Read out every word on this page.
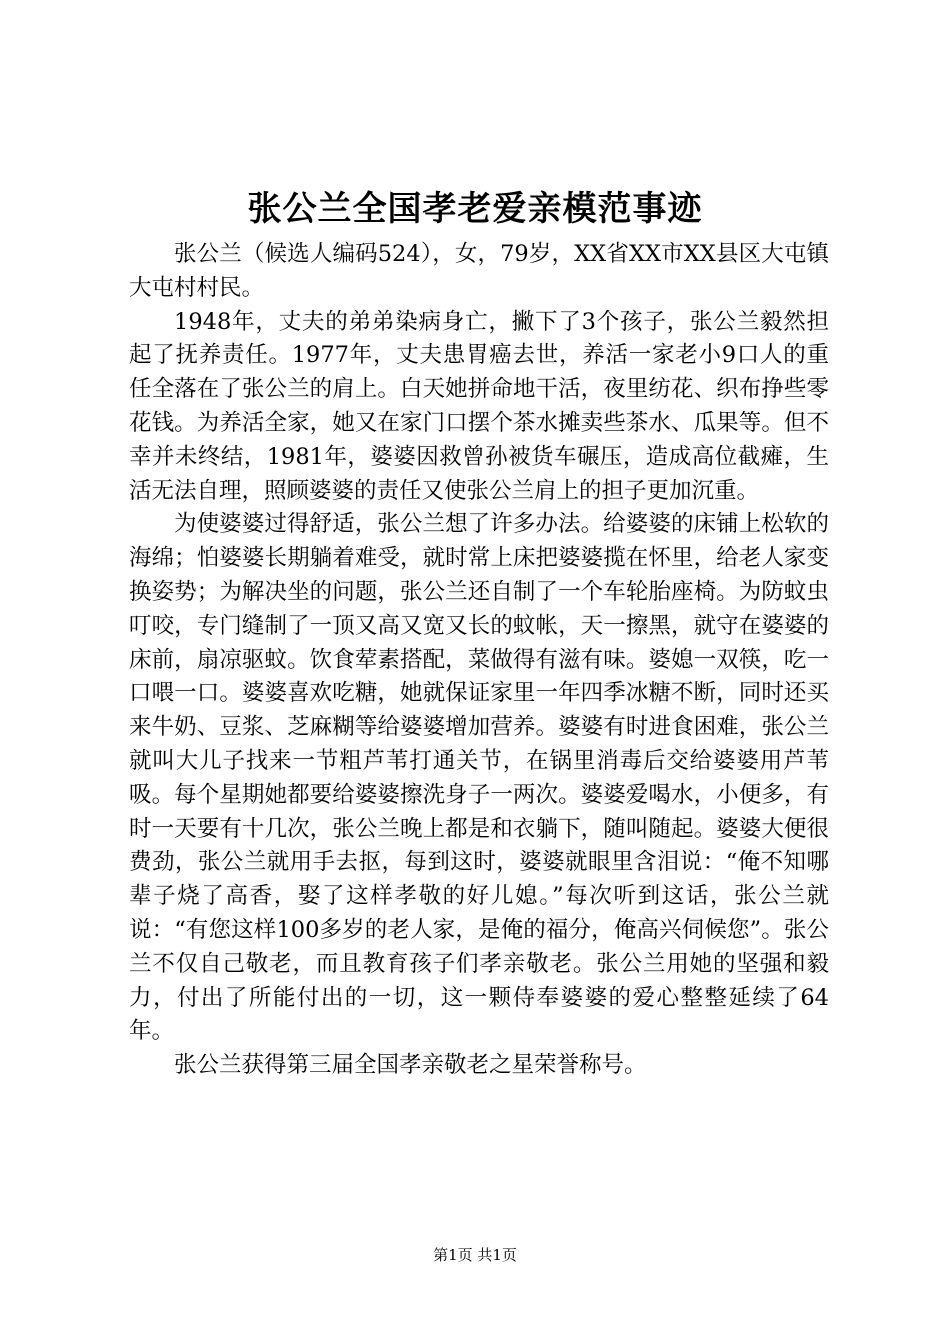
张公兰全国孝老爱亲模范事迹

张公兰（候选人编码524），女，79岁，XX省XX市XX县区大屯镇大屯村村民。

1948年，丈夫的弟弟染病身亡，撇下了3个孩子，张公兰毅然担起了抚养责任。1977年，丈夫患胃癌去世，养活一家老小9口人的重任全落在了张公兰的肩上。白天她拼命地干活，夜里纺花、织布挣些零花钱。为养活全家，她又在家门口摆个茶水摊卖些茶水、瓜果等。但不幸并未终结，1981年，婆婆因救曾孙被货车碾压，造成高位截瘫，生活无法自理，照顾婆婆的责任又使张公兰肩上的担子更加沉重。

为使婆婆过得舒适，张公兰想了许多办法。给婆婆的床铺上松软的海绵；怕婆婆长期躺着难受，就时常上床把婆婆揽在怀里，给老人家变换姿势；为解决坐的问题，张公兰还自制了一个车轮胎座椅。为防蚊虫叮咬，专门缝制了一顶又高又宽又长的蚊帐，天一擦黑，就守在婆婆的床前，扇凉驱蚊。饮食荤素搭配，菜做得有滋有味。婆媳一双筷，吃一口喂一口。婆婆喜欢吃糖，她就保证家里一年四季冰糖不断，同时还买来牛奶、豆浆、芝麻糊等给婆婆增加营养。婆婆有时进食困难，张公兰就叫大儿子找来一节粗芦苇打通关节，在锅里消毒后交给婆婆用芦苇吸。每个星期她都要给婆婆擦洗身子一两次。婆婆爱喝水，小便多，有时一天要有十几次，张公兰晚上都是和衣躺下，随叫随起。婆婆大便很费劲，张公兰就用手去抠，每到这时，婆婆就眼里含泪说：“俺不知哪辈子烧了高香，娶了这样孝敬的好儿媳。”每次听到这话，张公兰就说：“有您这样100多岁的老人家，是俺的福分，俺高兴伺候您”。张公兰不仅自己敬老，而且教育孩子们孝亲敬老。张公兰用她的坚强和毅力，付出了所能付出的一切，这一颗侍奉婆婆的爱心整整延续了64年。

张公兰获得第三届全国孝亲敬老之星荣誉称号。

第1页 共1页
